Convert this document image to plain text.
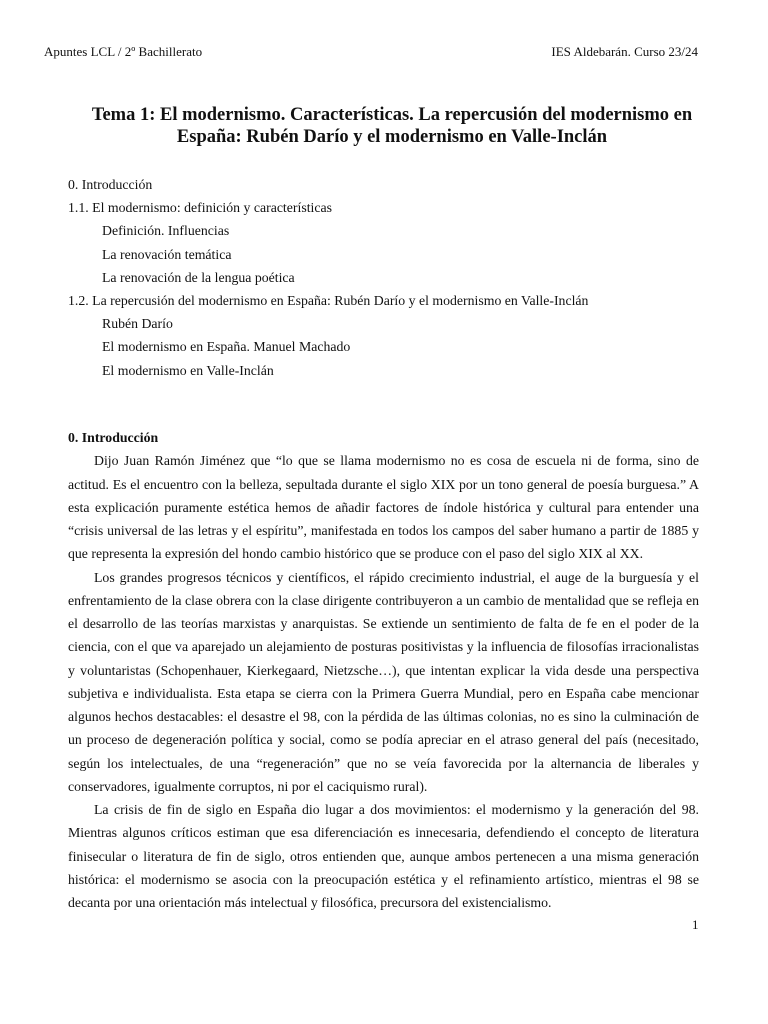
Apuntes LCL / 2º Bachillerato	IES Aldebarán. Curso 23/24
Tema 1: El modernismo. Características. La repercusión del modernismo en España: Rubén Darío y el modernismo en Valle-Inclán
0. Introducción
1.1. El modernismo: definición y características
Definición. Influencias
La renovación temática
La renovación de la lengua poética
1.2. La repercusión del modernismo en España: Rubén Darío y el modernismo en Valle-Inclán
Rubén Darío
El modernismo en España. Manuel Machado
El modernismo en Valle-Inclán
0. Introducción

Dijo Juan Ramón Jiménez que “lo que se llama modernismo no es cosa de escuela ni de forma, sino de actitud. Es el encuentro con la belleza, sepultada durante el siglo XIX por un tono general de poesía burguesa.” A esta explicación puramente estética hemos de añadir factores de índole histórica y cultural para entender una “crisis universal de las letras y el espíritu”, manifestada en todos los campos del saber humano a partir de 1885 y que representa la expresión del hondo cambio histórico que se produce con el paso del siglo XIX al XX.

Los grandes progresos técnicos y científicos, el rápido crecimiento industrial, el auge de la burguesía y el enfrentamiento de la clase obrera con la clase dirigente contribuyeron a un cambio de mentalidad que se refleja en el desarrollo de las teorías marxistas y anarquistas. Se extiende un sentimiento de falta de fe en el poder de la ciencia, con el que va aparejado un alejamiento de posturas positivistas y la influencia de filosofías irracionalistas y voluntaristas (Schopenhauer, Kierkegaard, Nietzsche…), que intentan explicar la vida desde una perspectiva subjetiva e individualista. Esta etapa se cierra con la Primera Guerra Mundial, pero en España cabe mencionar algunos hechos destacables: el desastre el 98, con la pérdida de las últimas colonias, no es sino la culminación de un proceso de degeneración política y social, como se podía apreciar en el atraso general del país (necesitado, según los intelectuales, de una “regeneración” que no se veía favorecida por la alternancia de liberales y conservadores, igualmente corruptos, ni por el caciquismo rural).

La crisis de fin de siglo en España dio lugar a dos movimientos: el modernismo y la generación del 98. Mientras algunos críticos estiman que esa diferenciación es innecesaria, defendiendo el concepto de literatura finisecular o literatura de fin de siglo, otros entienden que, aunque ambos pertenecen a una misma generación histórica: el modernismo se asocia con la preocupación estética y el refinamiento artístico, mientras el 98 se decanta por una orientación más intelectual y filosófica, precursora del existencialismo.

1
